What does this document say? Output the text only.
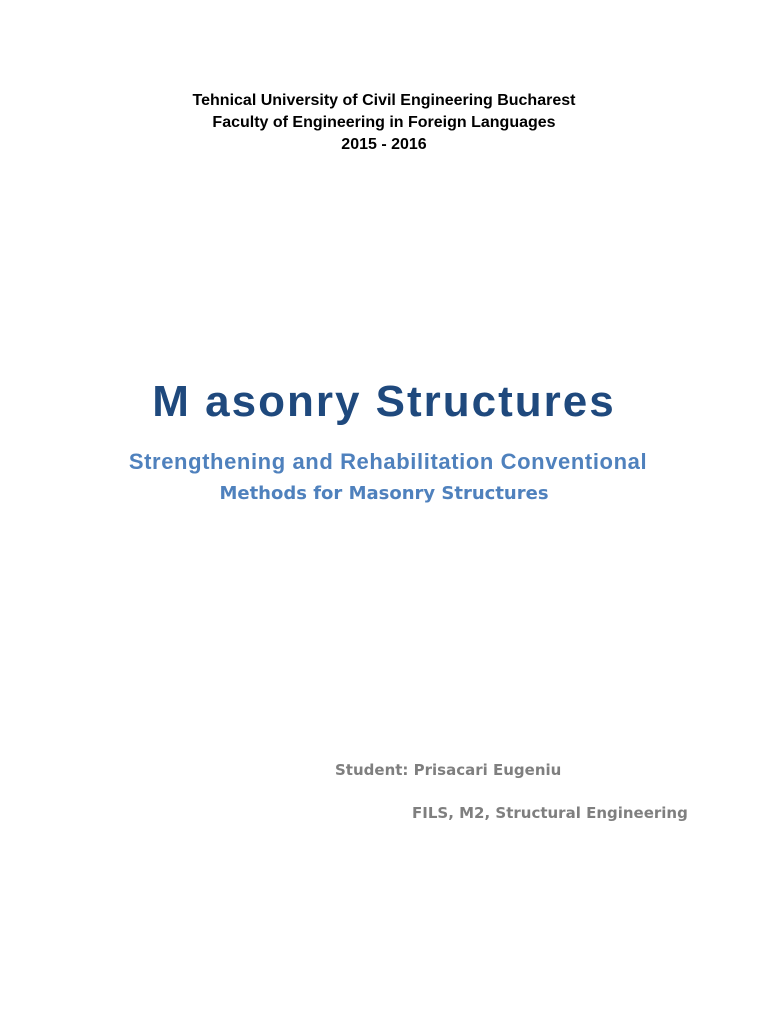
Tehnical University of Civil Engineering Bucharest
Faculty of Engineering in Foreign Languages
2015 - 2016
M asonry Structures
Strengthening and Rehabilitation Conventional
Methods for Masonry Structures
Student: Prisacari Eugeniu
FILS, M2, Structural Engineering
